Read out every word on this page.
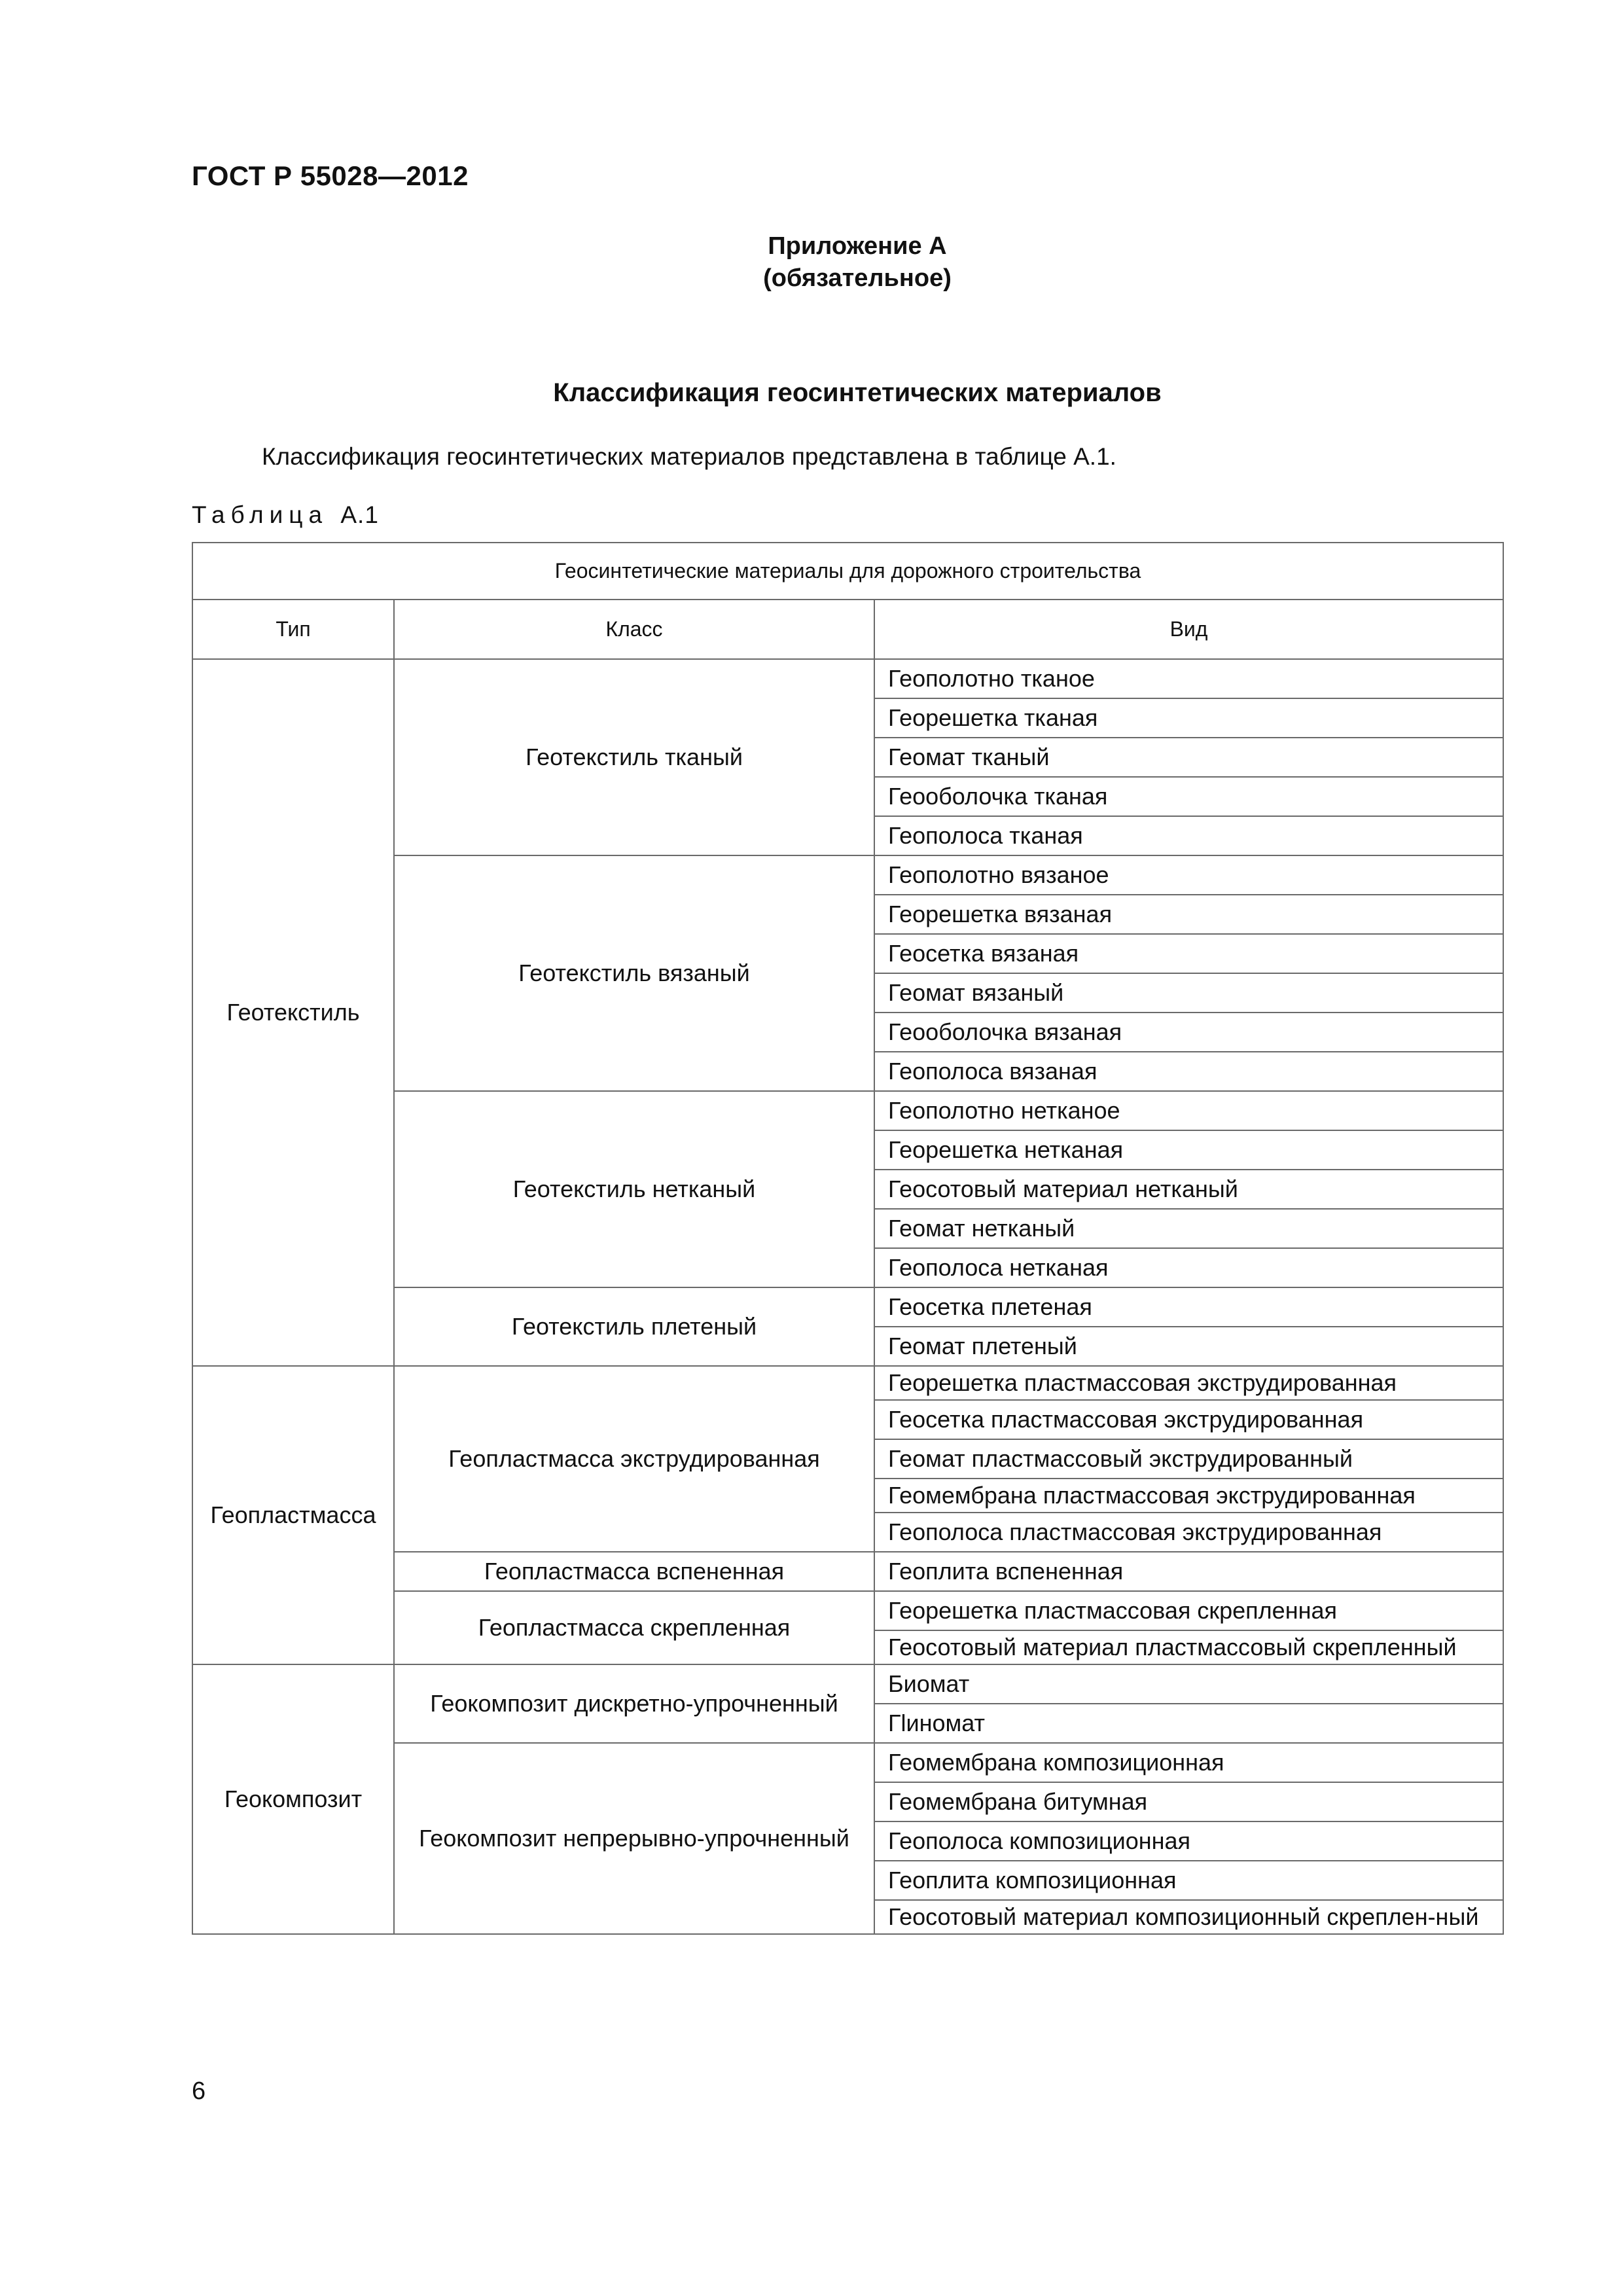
ГОСТ Р 55028—2012
Приложение А
(обязательное)
Классификация геосинтетических материалов
Классификация геосинтетических материалов представлена в таблице А.1.
Таблица А.1
Геосинтетические материалы для дорожного строительства		
Тип	Класс	Вид
Геотекстиль	Геотекстиль тканый	Геополотно тканое
		Георешетка тканая
		Геомат тканый
		Геооболочка тканая
		Геополоса тканая
	Геотекстиль вязаный	Геополотно вязаное
		Георешетка вязаная
		Геосетка вязаная
		Геомат вязаный
		Геооболочка вязаная
		Геополоса вязаная
	Геотекстиль нетканый	Геополотно нетканое
		Георешетка нетканая
		Геосотовый материал нетканый
		Геомат нетканый
		Геополоса нетканая
	Геотекстиль плетеный	Геосетка плетеная
		Геомат плетеный
Геопластмасса	Геопластмасса экструдированная	Георешетка пластмассовая экструдированная
		Геосетка пластмассовая экструдированная
		Геомат пластмассовый экструдированный
		Геомембрана пластмассовая экструдированная
		Геополоса пластмассовая экструдированная
	Геопластмасса вспененная	Геоплита вспененная
	Геопластмасса скрепленная	Георешетка пластмассовая скрепленная
		Геосотовый материал пластмассовый скрепленный
Геокомпозит	Геокомпозит дискретно-упрочненный	Биомат
		Гlиномат
	Геокомпозит непрерывно-упрочненный	Геомембрана композиционная
		Геомембрана битумная
		Геополоса композиционная
		Геоплита композиционная
		Геосотовый материал композиционный скреплен-ный
6
